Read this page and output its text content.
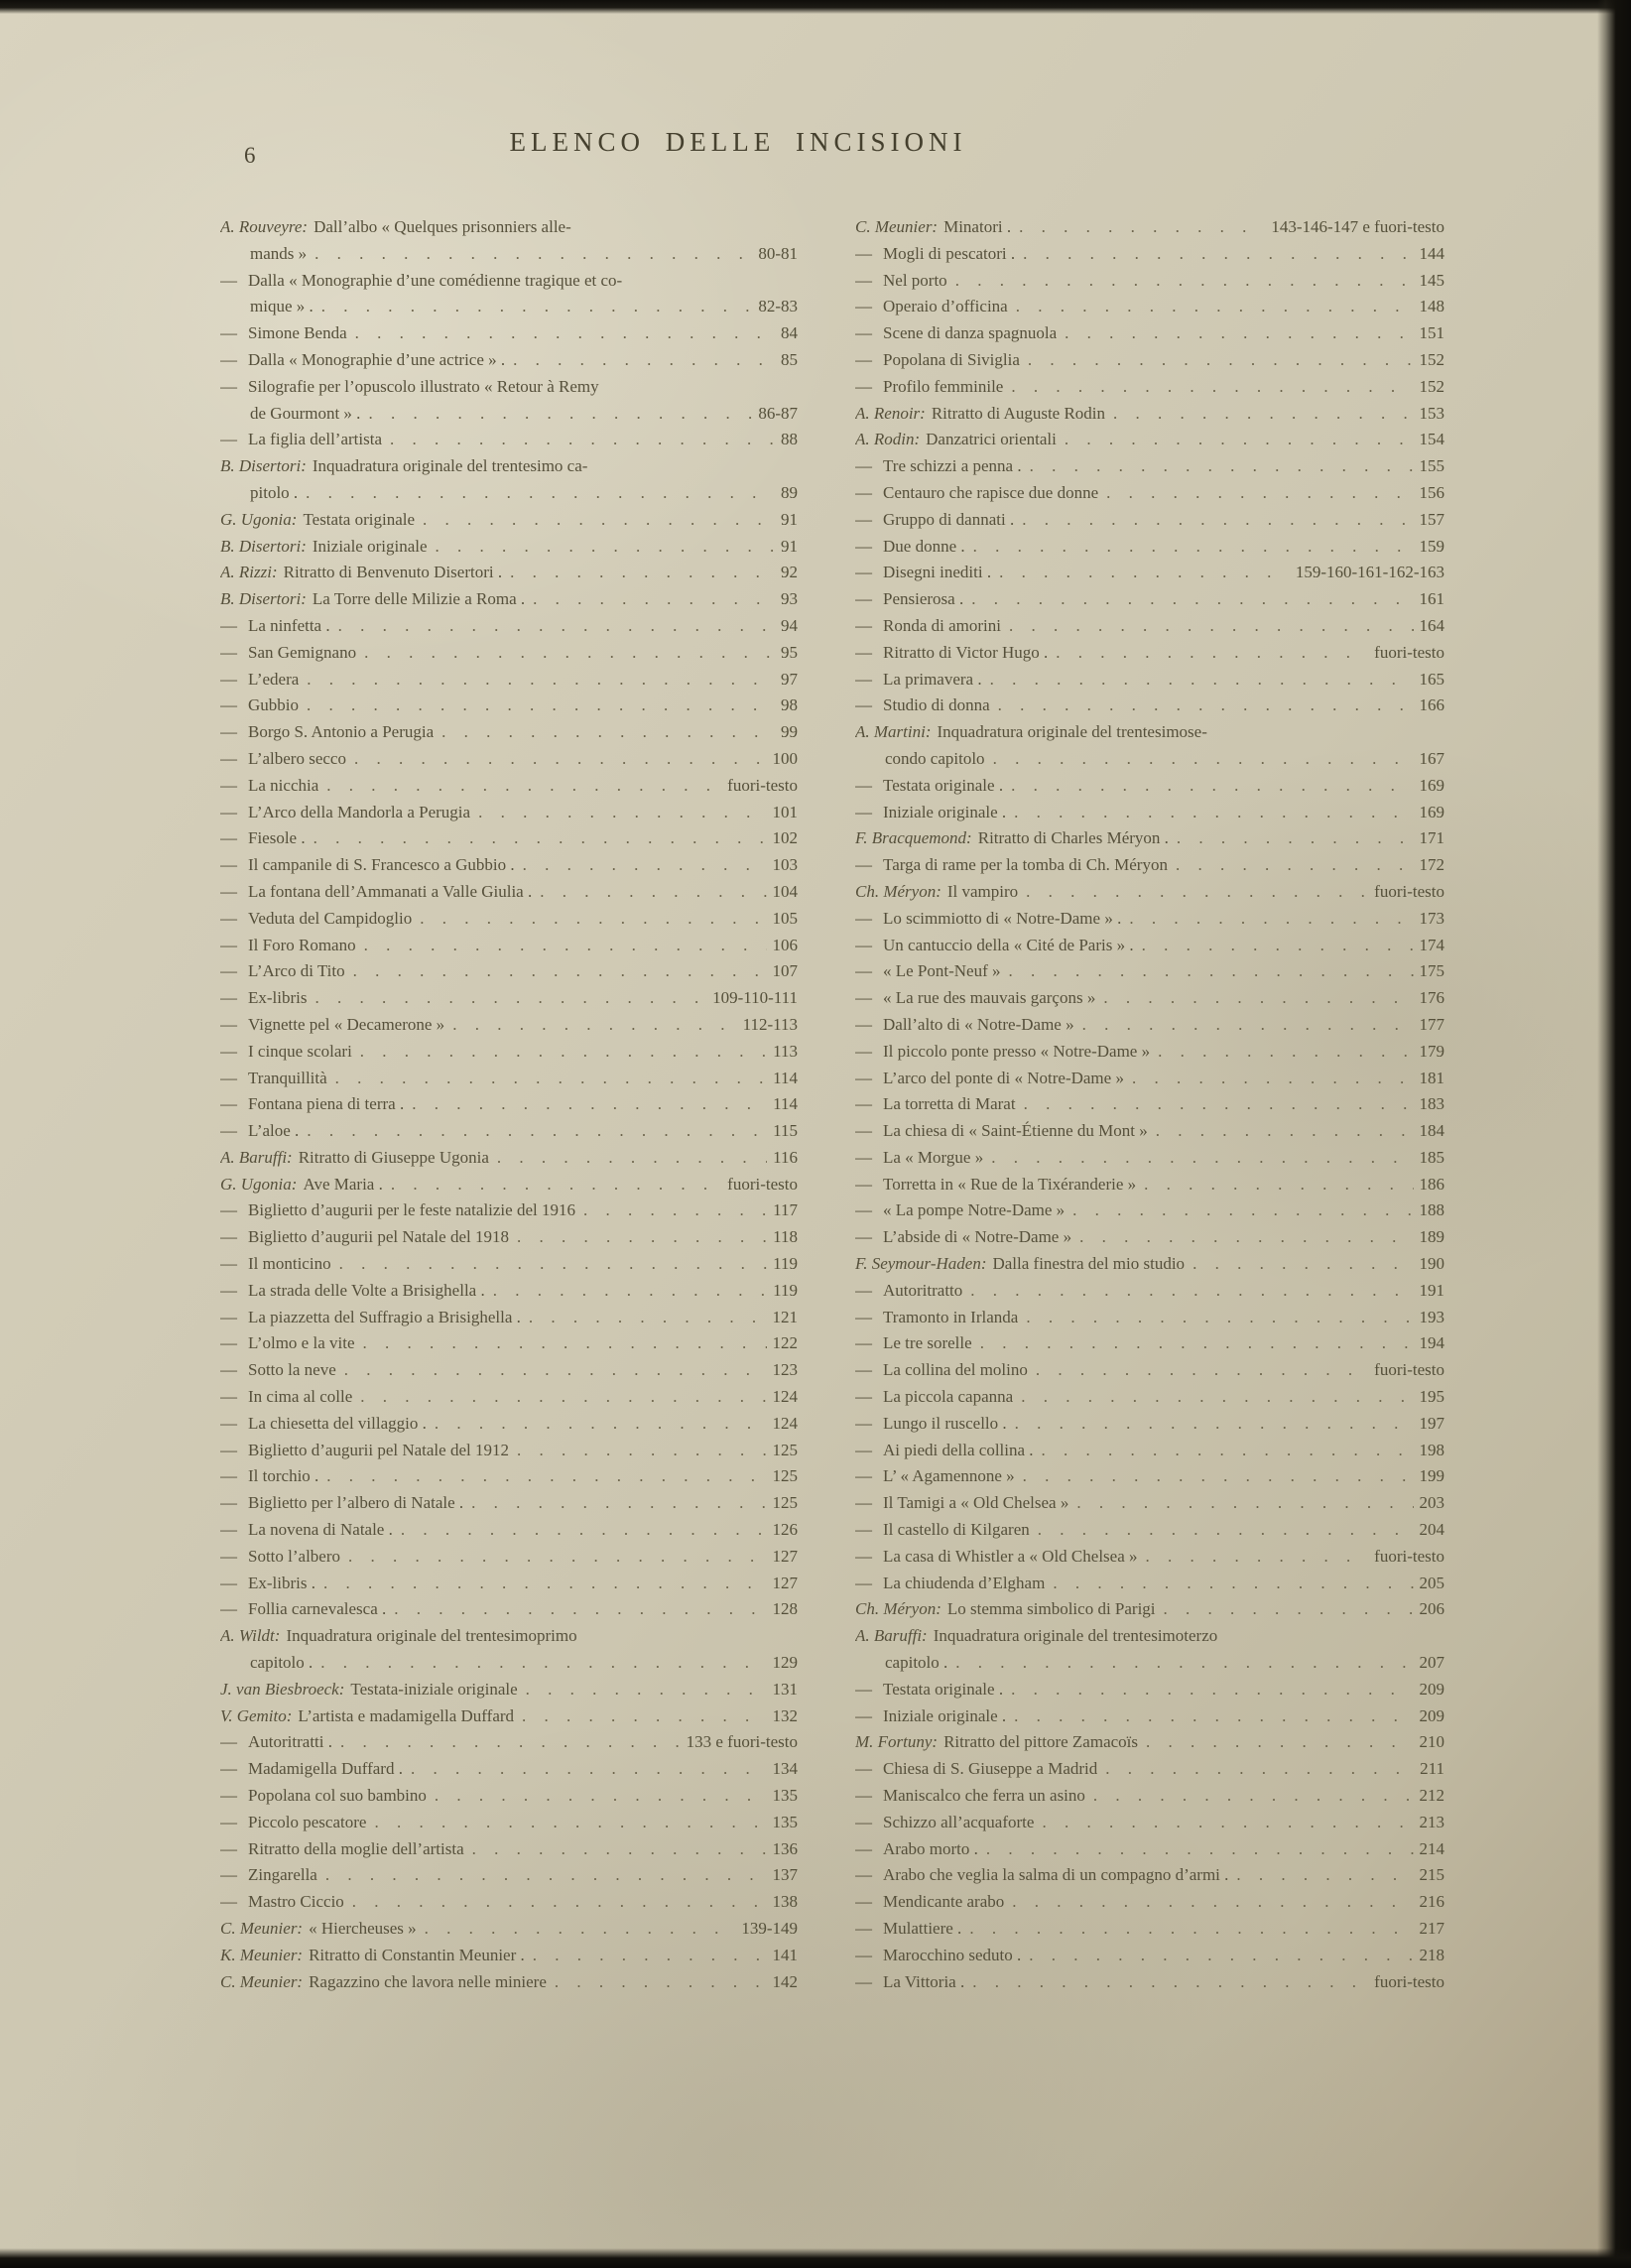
6	ELENCO DELLE INCISIONI
A. Rouveyre: Dall’albo « Quelques prisonniers alle-
mands » . . .	80-81
— Dalla « Monographie d’une comédienne tragique et co-
mique » . . . .	82-83
— Simone Benda . . .	84
— Dalla « Monographie d’une actrice » . . . .	85
— Silografie per l’opuscolo illustrato « Retour à Remy
de Gourmont » . . . .	86-87
— La figlia dell’artista . . .	88
B. Disertori: Inquadratura originale del trentesimo ca-
pitolo . . . .	89
G. Ugonia: Testata originale . . .	91
B. Disertori: Iniziale originale . . .	91
A. Rizzi: Ritratto di Benvenuto Disertori . . . .	92
B. Disertori: La Torre delle Milizie a Roma . . . .	93
— La ninfetta . . . .	94
— San Gemignano . . .	95
— L’edera . . .	97
— Gubbio . . .	98
— Borgo S. Antonio a Perugia . . .	99
— L’albero secco . . .	100
— La nicchia . . .	fuori-testo
— L’Arco della Mandorla a Perugia . . .	101
— Fiesole . . . .	102
— Il campanile di S. Francesco a Gubbio . . . .	103
— La fontana dell’Ammanati a Valle Giulia . . . .	104
— Veduta del Campidoglio . . .	105
— Il Foro Romano . . .	106
— L’Arco di Tito . . .	107
— Ex-libris . . .	109-110-111
— Vignette pel « Decamerone » . . .	112-113
— I cinque scolari . . .	113
— Tranquillità . . .	114
— Fontana piena di terra . . . .	114
— L’aloe . . . .	115
A. Baruffi: Ritratto di Giuseppe Ugonia . . .	116
G. Ugonia: Ave Maria . . . .	fuori-testo
— Biglietto d’augurii per le feste natalizie del 1916 . . .	117
— Biglietto d’augurii pel Natale del 1918 . . .	118
— Il monticino . . .	119
— La strada delle Volte a Brisighella . . . .	119
— La piazzetta del Suffragio a Brisighella . . . .	121
— L’olmo e la vite . . .	122
— Sotto la neve . . .	123
— In cima al colle . . .	124
— La chiesetta del villaggio . . . .	124
— Biglietto d’augurii pel Natale del 1912 . . .	125
— Il torchio . . . .	125
— Biglietto per l’albero di Natale . . . .	125
— La novena di Natale . . . .	126
— Sotto l’albero . . .	127
— Ex-libris . . . .	127
— Follia carnevalesca . . . .	128
A. Wildt: Inquadratura originale del trentesimoprimo
capitolo . . . .	129
J. van Biesbroeck: Testata-iniziale originale . . .	131
V. Gemito: L’artista e madamigella Duffard . . .	132
— Autoritratti . . . .	133 e fuori-testo
— Madamigella Duffard . . . .	134
— Popolana col suo bambino . . .	135
— Piccolo pescatore . . .	135
— Ritratto della moglie dell’artista . . .	136
— Zingarella . . .	137
— Mastro Ciccio . . .	138
C. Meunier: « Hiercheuses » . . .	139-149
K. Meunier: Ritratto di Constantin Meunier . . . .	141
C. Meunier: Ragazzino che lavora nelle miniere . . .	142
C. Meunier: Minatori . . . .	143-146-147 e fuori-testo
— Mogli di pescatori . . . .	144
— Nel porto . . .	145
— Operaio d’officina . . .	148
— Scene di danza spagnuola . . .	151
— Popolana di Siviglia . . .	152
— Profilo femminile . . .	152
A. Renoir: Ritratto di Auguste Rodin . . .	153
A. Rodin: Danzatrici orientali . . .	154
— Tre schizzi a penna . . . .	155
— Centauro che rapisce due donne . . .	156
— Gruppo di dannati . . . .	157
— Due donne . . . .	159
— Disegni inediti . . . .	159-160-161-162-163
— Pensierosa . . . .	161
— Ronda di amorini . . .	164
— Ritratto di Victor Hugo . . . .	fuori-testo
— La primavera . . . .	165
— Studio di donna . . .	166
A. Martini: Inquadratura originale del trentesimose-
condo capitolo . . .	167
— Testata originale . . . .	169
— Iniziale originale . . . .	169
F. Bracquemond: Ritratto di Charles Méryon . . . .	171
— Targa di rame per la tomba di Ch. Méryon . . .	172
Ch. Méryon: Il vampiro . . .	fuori-testo
— Lo scimmiotto di « Notre-Dame » . . . .	173
— Un cantuccio della « Cité de Paris » . . . .	174
— « Le Pont-Neuf » . . .	175
— « La rue des mauvais garçons » . . .	176
— Dall’alto di « Notre-Dame » . . .	177
— Il piccolo ponte presso « Notre-Dame » . . .	179
— L’arco del ponte di « Notre-Dame » . . .	181
— La torretta di Marat . . .	183
— La chiesa di « Saint-Étienne du Mont » . . .	184
— La « Morgue » . . .	185
— Torretta in « Rue de la Tixéranderie » . . .	186
— « La pompe Notre-Dame » . . .	188
— L’abside di « Notre-Dame » . . .	189
F. Seymour-Haden: Dalla finestra del mio studio . . .	190
— Autoritratto . . .	191
— Tramonto in Irlanda . . .	193
— Le tre sorelle . . .	194
— La collina del molino . . .	fuori-testo
— La piccola capanna . . .	195
— Lungo il ruscello . . . .	197
— Ai piedi della collina . . . .	198
— L’ « Agamennone » . . .	199
— Il Tamigi a « Old Chelsea » . . .	203
— Il castello di Kilgaren . . .	204
— La casa di Whistler a « Old Chelsea » . . .	fuori-testo
— La chiudenda d’Elgham . . .	205
Ch. Méryon: Lo stemma simbolico di Parigi . . .	206
A. Baruffi: Inquadratura originale del trentesimoterzo
capitolo . . . .	207
— Testata originale . . . .	209
— Iniziale originale . . . .	209
M. Fortuny: Ritratto del pittore Zamacoïs . . .	210
— Chiesa di S. Giuseppe a Madrid . . .	211
— Maniscalco che ferra un asino . . .	212
— Schizzo all’acquaforte . . .	213
— Arabo morto . . . .	214
— Arabo che veglia la salma di un compagno d’armi . . . .	215
— Mendicante arabo . . .	216
— Mulattiere . . . .	217
— Marocchino seduto . . . .	218
— La Vittoria . . . .	fuori-testo
